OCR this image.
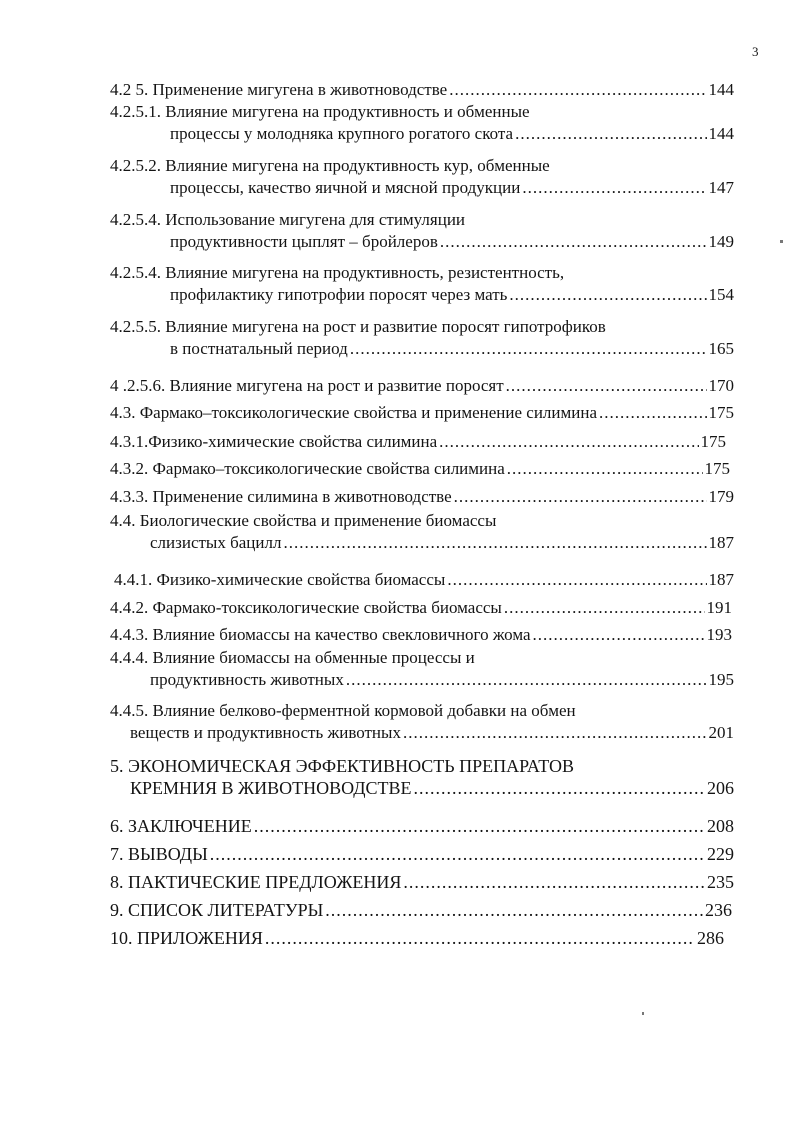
3
4.2 5. Применение мигугена в животноводстве .....	144
4.2.5.1. Влияние мигугена на продуктивность и обменные
процессы у молодняка крупного рогатого скота .....	144
4.2.5.2. Влияние мигугена на продуктивность кур, обменные
процессы, качество яичной и мясной продукции .....	147
4.2.5.4. Использование мигугена для стимуляции
продуктивности цыплят – бройлеров .....	149
4.2.5.4. Влияние мигугена на продуктивность, резистентность,
профилактику гипотрофии поросят через мать .....	154
4.2.5.5. Влияние мигугена на рост и развитие поросят гипотрофиков
в постнатальный период .....	165
4 .2.5.6. Влияние мигугена на рост и развитие поросят .....	170
4.3. Фармако–токсикологические свойства и применение силимина .....	175
4.3.1.Физико-химические свойства силимина .....	175
4.3.2. Фармако–токсикологические свойства силимина .....	175
4.3.3. Применение силимина в животноводстве .....	179
4.4. Биологические свойства и применение биомассы
слизистых бацилл .....	187
4.4.1. Физико-химические свойства биомассы .....	187
4.4.2. Фармако-токсикологические свойства биомассы .....	191
4.4.3. Влияние биомассы на качество свекловичного жома .....	193
4.4.4. Влияние биомассы на обменные процессы и
продуктивность животных .....	195
4.4.5. Влияние белково-ферментной кормовой добавки на обмен
веществ и продуктивность животных .....	201
5. ЭКОНОМИЧЕСКАЯ ЭФФЕКТИВНОСТЬ ПРЕПАРАТОВ
КРЕМНИЯ В ЖИВОТНОВОДСТВЕ .....	206
6. ЗАКЛЮЧЕНИЕ .....	208
7. ВЫВОДЫ .....	229
8. ПАКТИЧЕСКИЕ ПРЕДЛОЖЕНИЯ .....	235
9. СПИСОК ЛИТЕРАТУРЫ .....	236
10. ПРИЛОЖЕНИЯ .....	286
